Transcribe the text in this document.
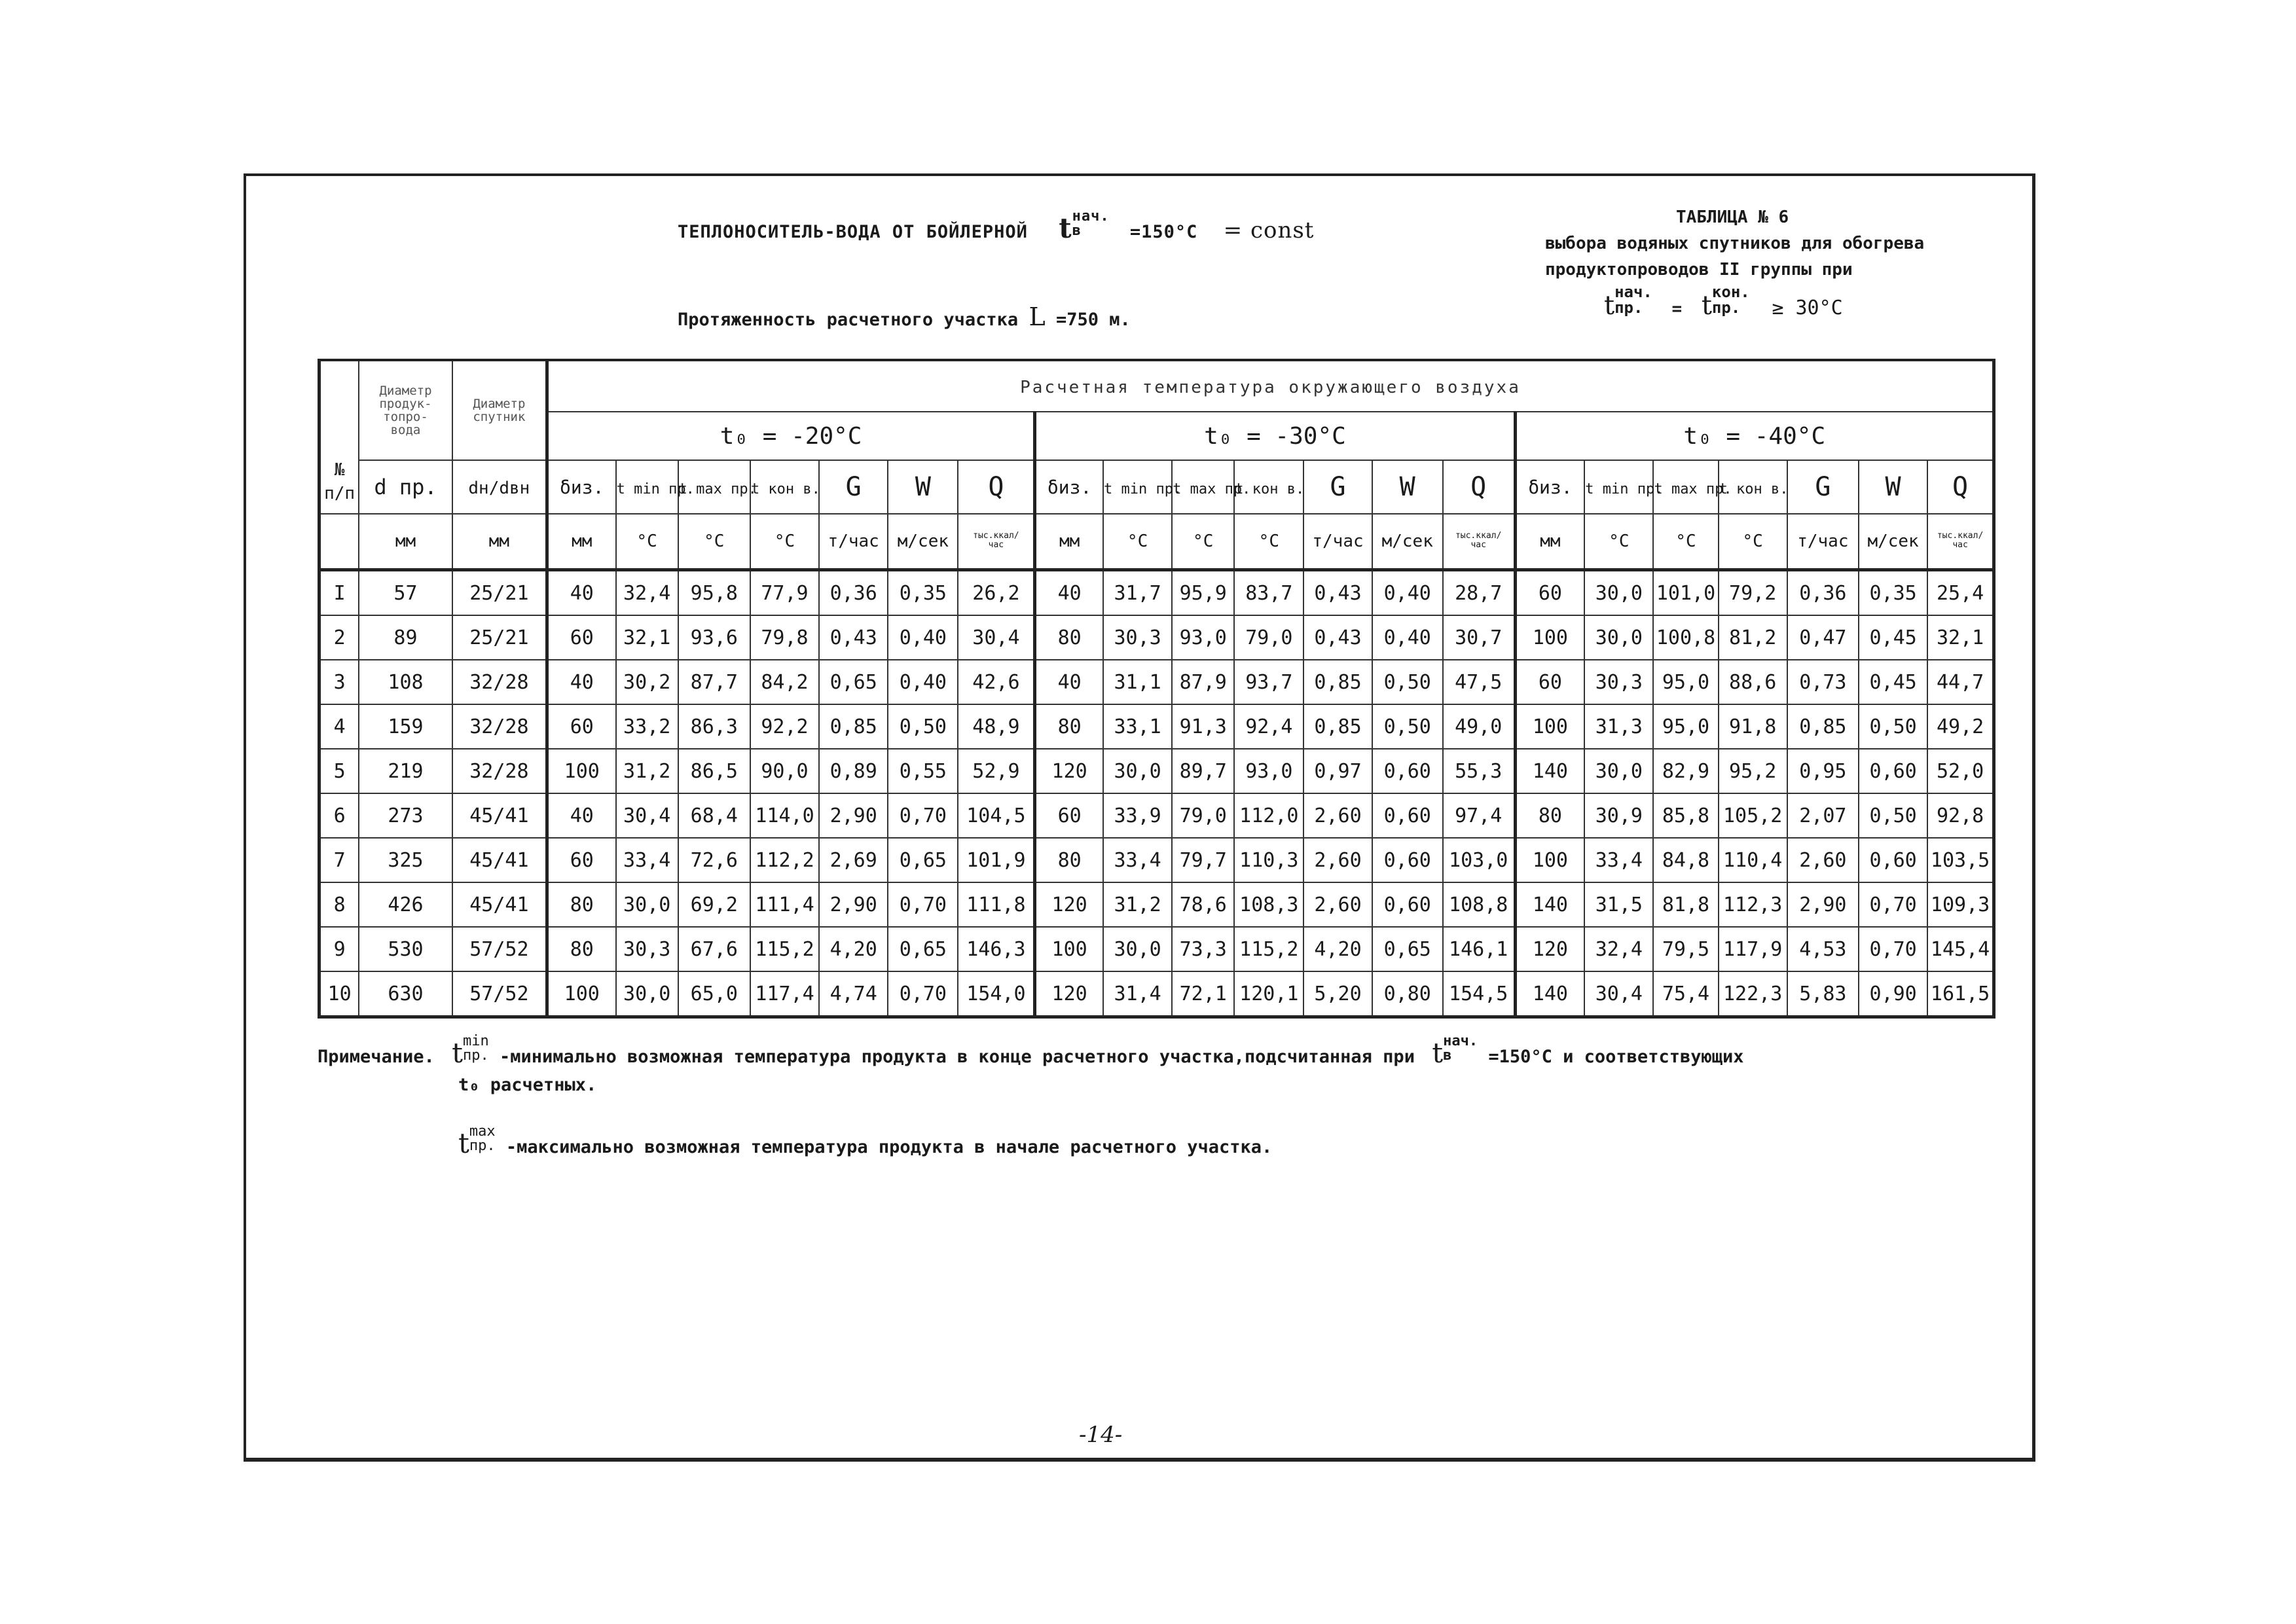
ТЕПЛОНОСИТЕЛЬ-ВОДА ОТ БОЙЛЕРНОЙ tнач.
в	=150°C = const
Протяженность расчетного участка L =750 м.
ТАБЛИЦА № 6
выбора водяных спутников для обогрева
продуктопроводов II группы при
tнач.
пр. = tкон.
пр. ≥ 30°C
№
п/п	Диаметр
продук-
топро-
вода	Диаметр
спутник	Расчетная температура окружающего воздуха																				
			t₀ = -20°C							t₀ = -30°C							t₀ = -40°C						
	d пр.	dн/dвн	δиз.	t min пр.	t max пр.	t кон в.	G	W	Q	δиз.	t min пр.	t max пр.	t кон в.	G	W	Q	δиз.	t min пр.	t max пр.	t кон в.	G	W	Q
	мм	мм	мм	°C	°C	°C	т/час	м/сек	тыс.ккал/час	мм	°C	°C	°C	т/час	м/сек	тыс.ккал/час	мм	°C	°C	°C	т/час	м/сек	тыс.ккал/час
I	57	25/21	40	32,4	95,8	77,9	0,36	0,35	26,2	40	31,7	95,9	83,7	0,43	0,40	28,7	60	30,0	101,0	79,2	0,36	0,35	25,4
2	89	25/21	60	32,1	93,6	79,8	0,43	0,40	30,4	80	30,3	93,0	79,0	0,43	0,40	30,7	100	30,0	100,8	81,2	0,47	0,45	32,1
3	108	32/28	40	30,2	87,7	84,2	0,65	0,40	42,6	40	31,1	87,9	93,7	0,85	0,50	47,5	60	30,3	95,0	88,6	0,73	0,45	44,7
4	159	32/28	60	33,2	86,3	92,2	0,85	0,50	48,9	80	33,1	91,3	92,4	0,85	0,50	49,0	100	31,3	95,0	91,8	0,85	0,50	49,2
5	219	32/28	100	31,2	86,5	90,0	0,89	0,55	52,9	120	30,0	89,7	93,0	0,97	0,60	55,3	140	30,0	82,9	95,2	0,95	0,60	52,0
6	273	45/41	40	30,4	68,4	114,0	2,90	0,70	104,5	60	33,9	79,0	112,0	2,60	0,60	97,4	80	30,9	85,8	105,2	2,07	0,50	92,8
7	325	45/41	60	33,4	72,6	112,2	2,69	0,65	101,9	80	33,4	79,7	110,3	2,60	0,60	103,0	100	33,4	84,8	110,4	2,60	0,60	103,5
8	426	45/41	80	30,0	69,2	111,4	2,90	0,70	111,8	120	31,2	78,6	108,3	2,60	0,60	108,8	140	31,5	81,8	112,3	2,90	0,70	109,3
9	530	57/52	80	30,3	67,6	115,2	4,20	0,65	146,3	100	30,0	73,3	115,2	4,20	0,65	146,1	120	32,4	79,5	117,9	4,53	0,70	145,4
10	630	57/52	100	30,0	65,0	117,4	4,74	0,70	154,0	120	31,4	72,1	120,1	5,20	0,80	154,5	140	30,4	75,4	122,3	5,83	0,90	161,5
Примечание. tmin
пр. -минимально возможная температура продукта в конце расчетного участка,подсчитанная при tнач.
в =150°C и соответствующих
t₀ расчетных.
tmax
пр. -максимально возможная температура продукта в начале расчетного участка.
-14-
